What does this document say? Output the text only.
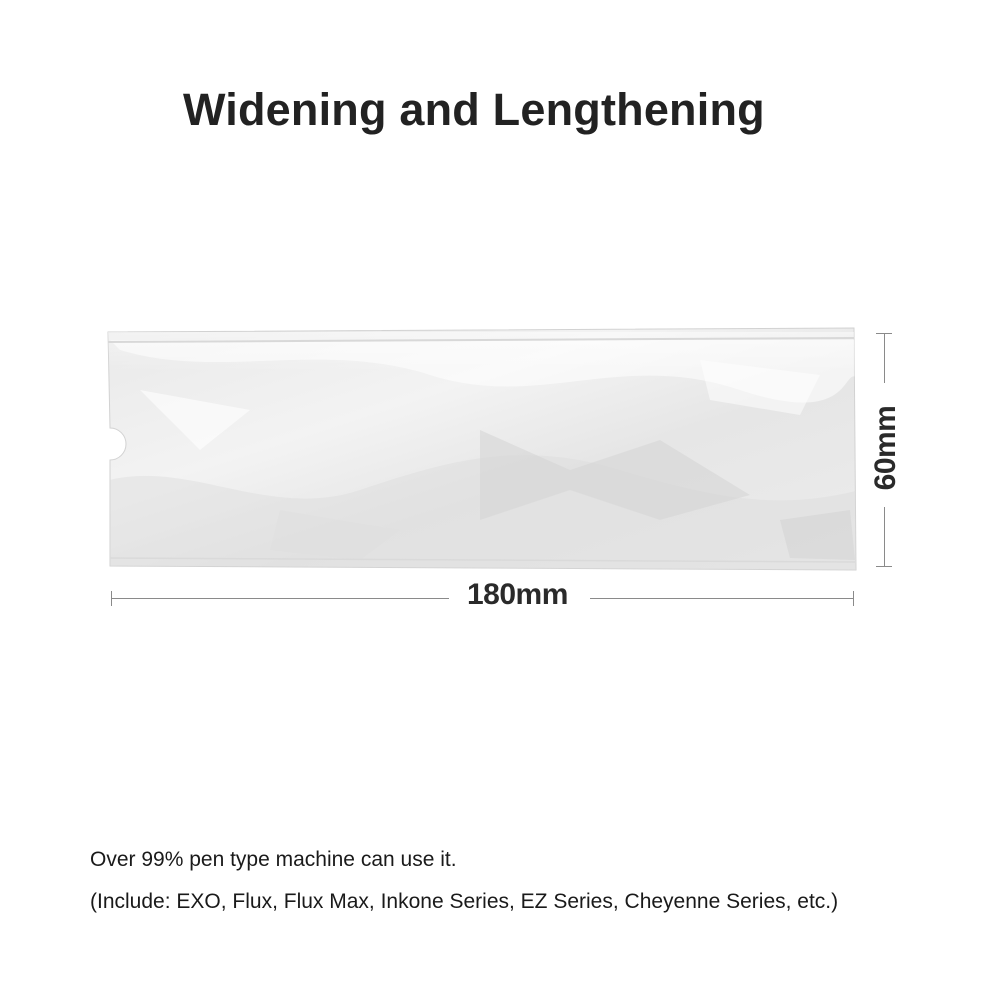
Widening and Lengthening
180mm
60mm
Over 99% pen type machine can use it.
(Include: EXO, Flux, Flux Max, Inkone Series, EZ Series, Cheyenne Series, etc.)
